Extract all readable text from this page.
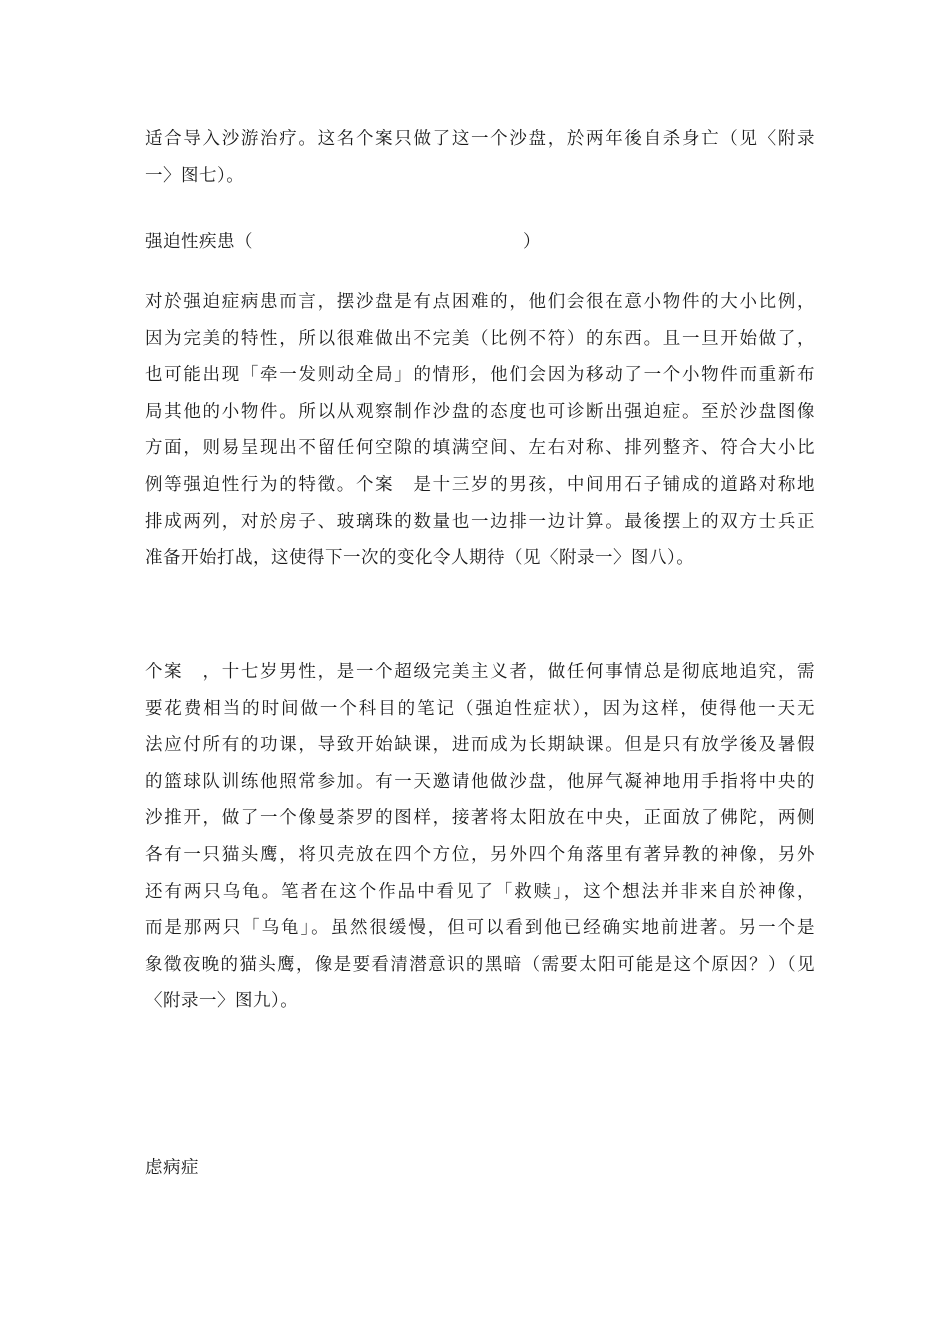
适合导入沙游治疗。这名个案只做了这一个沙盘，於两年後自杀身亡（见〈附录
一〉图七）。
强迫性疾患（　　　　　　　　　　　　　　　）
对於强迫症病患而言，摆沙盘是有点困难的，他们会很在意小物件的大小比例，
因为完美的特性，所以很难做出不完美（比例不符）的东西。且一旦开始做了，
也可能出现「牵一发则动全局」的情形，他们会因为移动了一个小物件而重新布
局其他的小物件。所以从观察制作沙盘的态度也可诊断出强迫症。至於沙盘图像
方面，则易呈现出不留任何空隙的填满空间、左右对称、排列整齐、符合大小比
例等强迫性行为的特徵。个案　是十三岁的男孩，中间用石子铺成的道路对称地
排成两列，对於房子、玻璃珠的数量也一边排一边计算。最後摆上的双方士兵正
准备开始打战，这使得下一次的变化令人期待（见〈附录一〉图八）。
个案　，十七岁男性，是一个超级完美主义者，做任何事情总是彻底地追究，需
要花费相当的时间做一个科目的笔记（强迫性症状），因为这样，使得他一天无
法应付所有的功课，导致开始缺课，进而成为长期缺课。但是只有放学後及暑假
的篮球队训练他照常参加。有一天邀请他做沙盘，他屏气凝神地用手指将中央的
沙推开，做了一个像曼荼罗的图样，接著将太阳放在中央，正面放了佛陀，两侧
各有一只猫头鹰，将贝壳放在四个方位，另外四个角落里有著异教的神像，另外
还有两只乌龟。笔者在这个作品中看见了「救赎」，这个想法并非来自於神像，
而是那两只「乌龟」。虽然很缓慢，但可以看到他已经确实地前进著。另一个是
象徵夜晚的猫头鹰，像是要看清潜意识的黑暗（需要太阳可能是这个原因？）（见
〈附录一〉图九）。
虑病症
